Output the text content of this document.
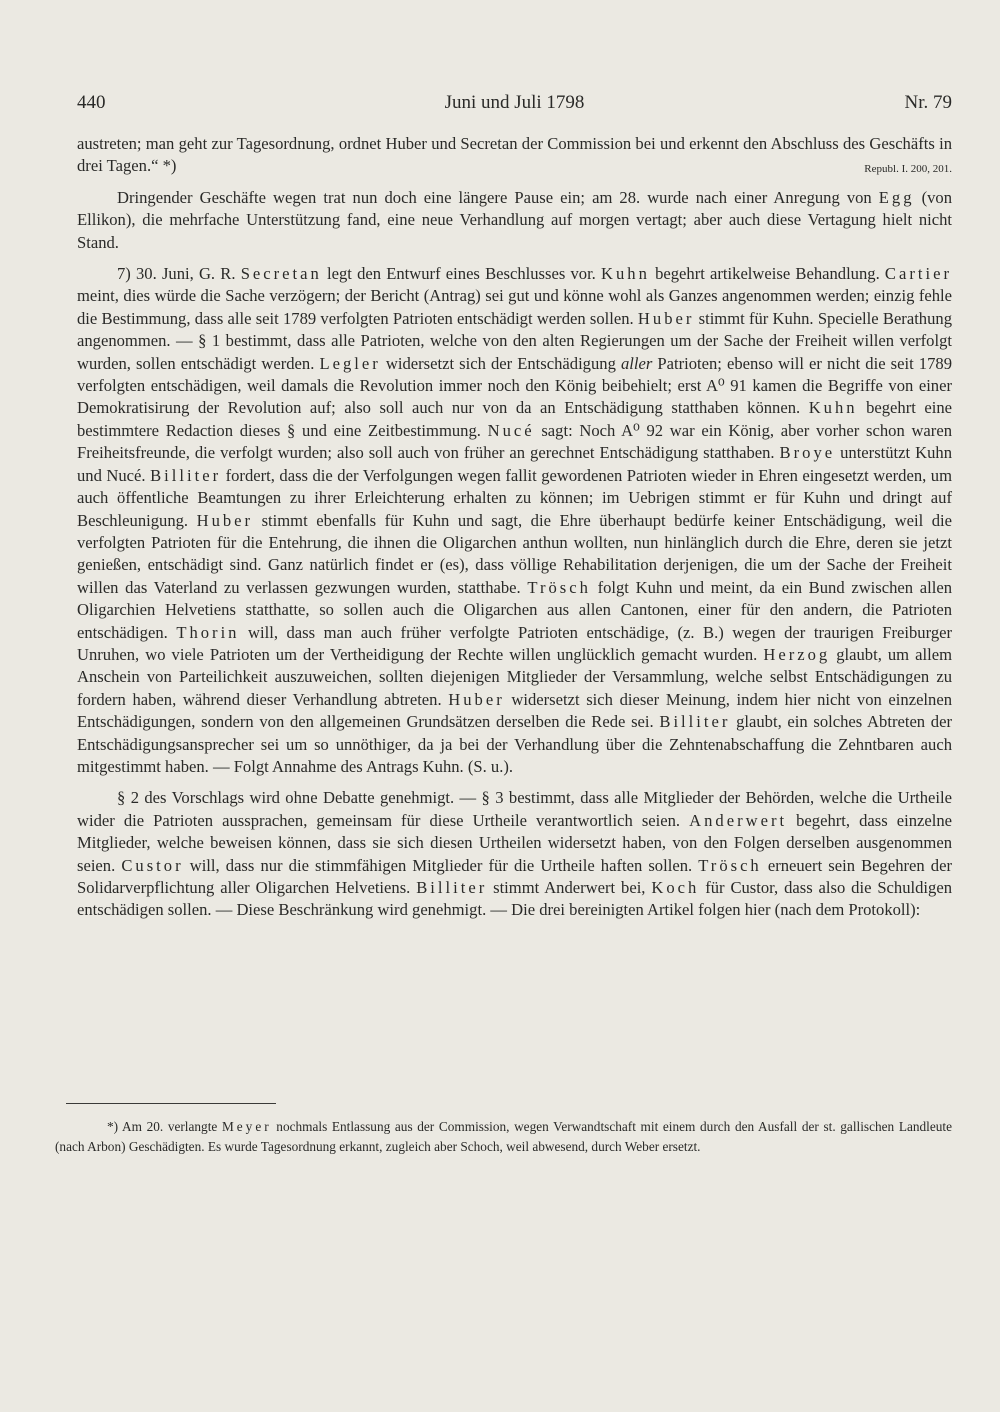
440	Juni und Juli 1798	Nr. 79

austreten; man geht zur Tagesordnung, ordnet Huber und Secretan der Commission bei und erkennt den Abschluss des Geschäfts in drei Tagen.“ *)	Republ. I. 200, 201.

Dringender Geschäfte wegen trat nun doch eine längere Pause ein; am 28. wurde nach einer Anregung von Egg (von Ellikon), die mehrfache Unterstützung fand, eine neue Verhandlung auf morgen vertagt; aber auch diese Vertagung hielt nicht Stand.

7) 30. Juni, G. R. Secretan legt den Entwurf eines Beschlusses vor. Kuhn begehrt artikelweise Behandlung. Cartier meint, dies würde die Sache verzögern; der Bericht (Antrag) sei gut und könne wohl als Ganzes angenommen werden; einzig fehle die Bestimmung, dass alle seit 1789 verfolgten Patrioten entschädigt werden sollen. Huber stimmt für Kuhn. Specielle Berathung angenommen. — § 1 bestimmt, dass alle Patrioten, welche von den alten Regierungen um der Sache der Freiheit willen verfolgt wurden, sollen entschädigt werden. Legler widersetzt sich der Entschädigung aller Patrioten; ebenso will er nicht die seit 1789 verfolgten entschädigen, weil damals die Revolution immer noch den König beibehielt; erst A⁰ 91 kamen die Begriffe von einer Demokratisirung der Revolution auf; also soll auch nur von da an Entschädigung statthaben können. Kuhn begehrt eine bestimmtere Redaction dieses § und eine Zeitbestimmung. Nucé sagt: Noch A⁰ 92 war ein König, aber vorher schon waren Freiheitsfreunde, die verfolgt wurden; also soll auch von früher an gerechnet Entschädigung statthaben. Broye unterstützt Kuhn und Nucé. Billiter fordert, dass die der Verfolgungen wegen fallit gewordenen Patrioten wieder in Ehren eingesetzt werden, um auch öffentliche Beamtungen zu ihrer Erleichterung erhalten zu können; im Uebrigen stimmt er für Kuhn und dringt auf Beschleunigung. Huber stimmt ebenfalls für Kuhn und sagt, die Ehre überhaupt bedürfe keiner Entschädigung, weil die verfolgten Patrioten für die Entehrung, die ihnen die Oligarchen anthun wollten, nun hinlänglich durch die Ehre, deren sie jetzt genießen, entschädigt sind. Ganz natürlich findet er (es), dass völlige Rehabilitation derjenigen, die um der Sache der Freiheit willen das Vaterland zu verlassen gezwungen wurden, statthabe. Trösch folgt Kuhn und meint, da ein Bund zwischen allen Oligarchien Helvetiens statthatte, so sollen auch die Oligarchen aus allen Cantonen, einer für den andern, die Patrioten entschädigen. Thorin will, dass man auch früher verfolgte Patrioten entschädige, (z. B.) wegen der traurigen Freiburger Unruhen, wo viele Patrioten um der Vertheidigung der Rechte willen unglücklich gemacht wurden. Herzog glaubt, um allem Anschein von Parteilichkeit auszuweichen, sollten diejenigen Mitglieder der Versammlung, welche selbst Entschädigungen zu fordern haben, während dieser Verhandlung abtreten. Huber widersetzt sich dieser Meinung, indem hier nicht von einzelnen Entschädigungen, sondern von den allgemeinen Grundsätzen derselben die Rede sei. Billiter glaubt, ein solches Abtreten der Entschädigungsansprecher sei um so unnöthiger, da ja bei der Verhandlung über die Zehntenabschaffung die Zehntbaren auch mitgestimmt haben. — Folgt Annahme des Antrags Kuhn. (S. u.).

§ 2 des Vorschlags wird ohne Debatte genehmigt. — § 3 bestimmt, dass alle Mitglieder der Behörden, welche die Urtheile wider die Patrioten aussprachen, gemeinsam für diese Urtheile verantwortlich seien. Anderwert begehrt, dass einzelne Mitglieder, welche beweisen können, dass sie sich diesen Urtheilen widersetzt haben, von den Folgen derselben ausgenommen seien. Custor will, dass nur die stimmfähigen Mitglieder für die Urtheile haften sollen. Trösch erneuert sein Begehren der Solidarverpflichtung aller Oligarchen Helvetiens. Billiter stimmt Anderwert bei, Koch für Custor, dass also die Schuldigen entschädigen sollen. — Diese Beschränkung wird genehmigt. — Die drei bereinigten Artikel folgen hier (nach dem Protokoll):

*) Am 20. verlangte Meyer nochmals Entlassung aus der Commission, wegen Verwandtschaft mit einem durch den Ausfall der st. gallischen Landleute (nach Arbon) Geschädigten. Es wurde Tagesordnung erkannt, zugleich aber Schoch, weil abwesend, durch Weber ersetzt.
